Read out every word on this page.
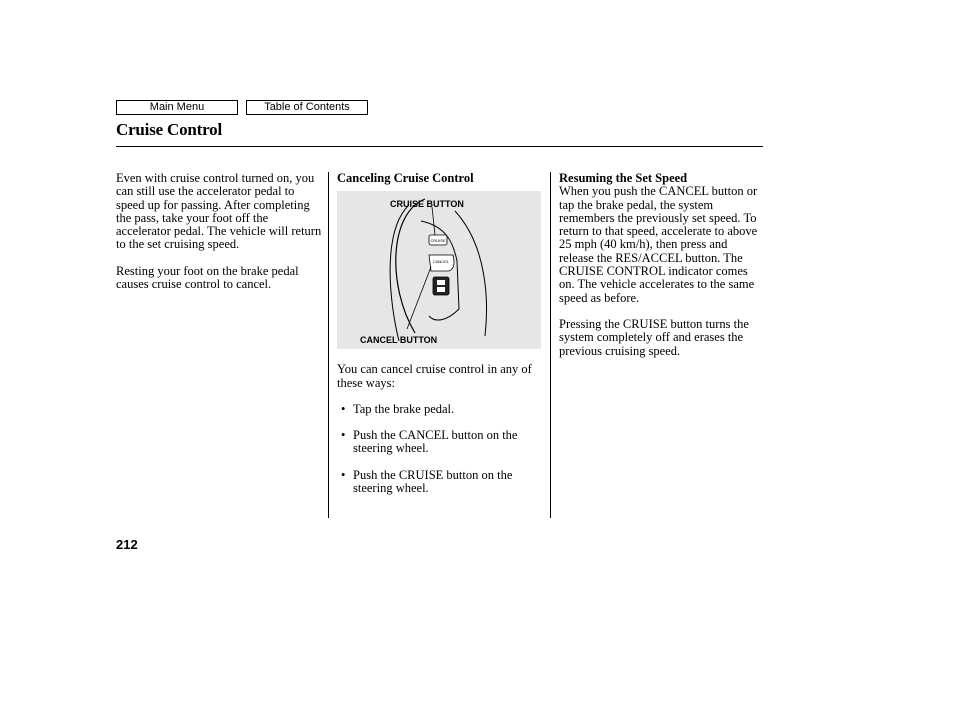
Main Menu	Table of Contents
Cruise Control

Even with cruise control turned on, you can still use the accelerator pedal to speed up for passing. After completing the pass, take your foot off the accelerator pedal. The vehicle will return to the set cruising speed.

Resting your foot on the brake pedal causes cruise control to cancel.

Canceling Cruise Control

CRUISE
CANCEL
CRUISE BUTTON
CANCEL BUTTON

You can cancel cruise control in any of these ways:

• Tap the brake pedal.
• Push the CANCEL button on the steering wheel.
• Push the CRUISE button on the steering wheel.

Resuming the Set Speed

When you push the CANCEL button or tap the brake pedal, the system remembers the previously set speed. To return to that speed, accelerate to above 25 mph (40 km/h), then press and release the RES/ACCEL button. The CRUISE CONTROL indicator comes on. The vehicle accelerates to the same speed as before.

Pressing the CRUISE button turns the system completely off and erases the previous cruising speed.

212
